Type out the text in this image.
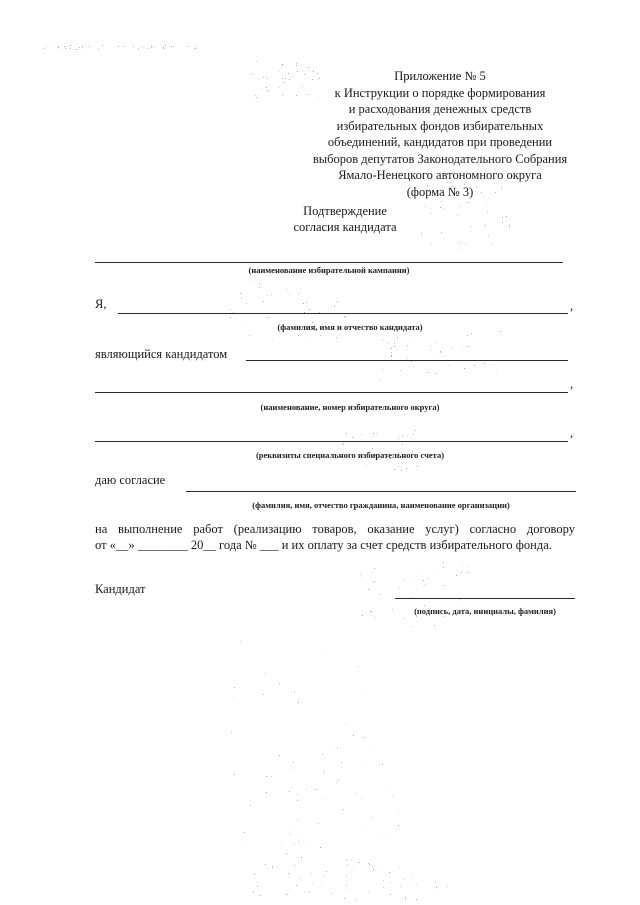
Приложение № 5
к Инструкции о порядке формирования
и расходования денежных средств
избирательных фондов избирательных
объединений, кандидатов при проведении
выборов депутатов Законодательного Собрания
Ямало-Ненецкого автономного округа
(форма № 3)
Подтверждение
согласия кандидата
(наименование избирательной кампании)
Я,	,
(фамилия, имя и отчество кандидата)
являющийся кандидатом
,
(наименование, номер избирательного округа)
,
(реквизиты специального избирательного счета)
даю согласие
(фамилия, имя, отчество гражданина, наименование организации)
на выполнение работ (реализацию товаров, оказание услуг) согласно договору
от «__» ________ 20__ года № ___ и их оплату за счет средств избирательного фонда.
Кандидат
(подпись, дата, инициалы, фамилия)
